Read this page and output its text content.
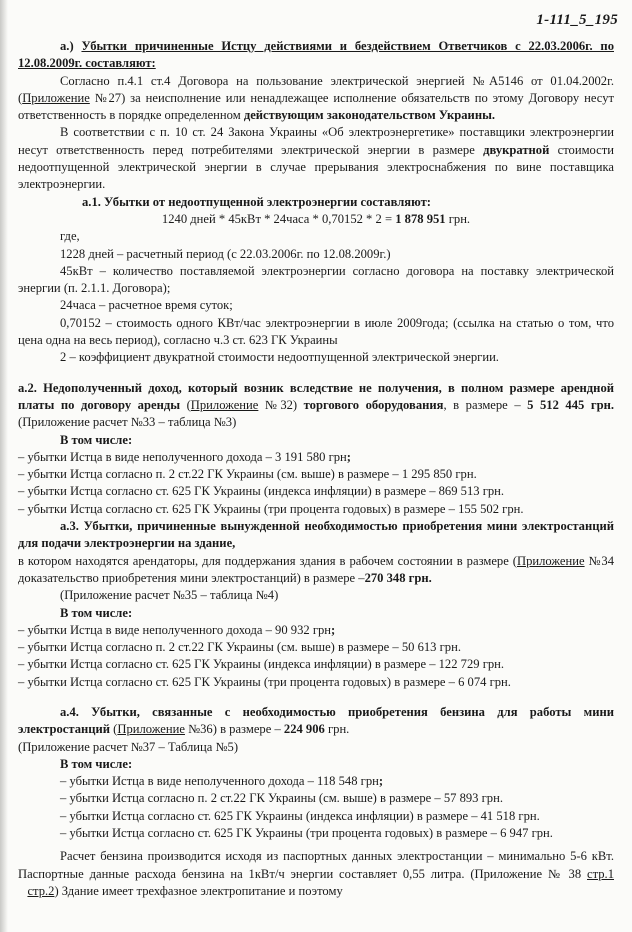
1-111_5_195

а.) Убытки причиненные Истцу действиями и бездействием Ответчиков с 22.03.2006г. по 12.08.2009г. составляют:

Согласно п.4.1 ст.4 Договора на пользование электрической энергией №А5146 от 01.04.2002г. (Приложение №27) за неисполнение или ненадлежащее исполнение обязательств по этому Договору несут ответственность в порядке определенном действующим законодательством Украины.

В соответствии с п. 10 ст. 24 Закона Украины «Об электроэнергетике» поставщики электроэнергии несут ответственность перед потребителями электрической энергии в размере двукратной стоимости недоотпущенной электрической энергии в случае прерывания электроснабжения по вине поставщика электроэнергии.

а.1. Убытки от недоотпущенной электроэнергии составляют:

1240 дней * 45кВт * 24часа * 0,70152 * 2 = 1 878 951 грн.

где,

1228 дней – расчетный период (с 22.03.2006г. по 12.08.2009г.)

45кВт – количество поставляемой электроэнергии согласно договора на поставку электрической энергии (п. 2.1.1. Договора);

24часа – расчетное время суток;

0,70152 – стоимость одного КВт/час электроэнергии в июле 2009года; (ссылка на статью о том, что цена одна на весь период), согласно ч.3 ст. 623 ГК Украины

2 – коэффициент двукратной стоимости недоотпущенной электрической энергии.

а.2. Недополученный доход, который возник вследствие не получения, в полном размере арендной платы по договору аренды (Приложение №32) торгового оборудования, в размере – 5 512 445 грн. (Приложение расчет №33 – таблица №3)

В том числе:

– убытки Истца в виде неполученного дохода – 3 191 580 грн;

– убытки Истца согласно п. 2 ст.22 ГК Украины (см. выше) в размере – 1 295 850 грн.

– убытки Истца согласно ст. 625 ГК Украины (индекса инфляции) в размере – 869 513 грн.

– убытки Истца согласно ст. 625 ГК Украины (три процента годовых) в размере – 155 502 грн.

а.3. Убытки, причиненные вынужденной необходимостью приобретения мини электростанций для подачи электроэнергии на здание,

в котором находятся арендаторы, для поддержания здания в рабочем состоянии в размере (Приложение №34 доказательство приобретения мини электростанций) в размере –270 348 грн.

(Приложение расчет №35 – таблица №4)

В том числе:

– убытки Истца в виде неполученного дохода – 90 932 грн;

– убытки Истца согласно п. 2 ст.22 ГК Украины (см. выше) в размере – 50 613 грн.

– убытки Истца согласно ст. 625 ГК Украины (индекса инфляции) в размере – 122 729 грн.

– убытки Истца согласно ст. 625 ГК Украины (три процента годовых) в размере – 6 074 грн.

а.4. Убытки, связанные с необходимостью приобретения бензина для работы мини электростанций (Приложение №36) в размере – 224 906 грн.

(Приложение расчет №37 – Таблица №5)

В том числе:

– убытки Истца в виде неполученного дохода – 118 548 грн;

– убытки Истца согласно п. 2 ст.22 ГК Украины (см. выше) в размере – 57 893 грн.

– убытки Истца согласно ст. 625 ГК Украины (индекса инфляции) в размере – 41 518 грн.

– убытки Истца согласно ст. 625 ГК Украины (три процента годовых) в размере – 6 947 грн.

Расчет бензина производится исходя из паспортных данных электростанции – минимально 5-6 кВт. Паспортные данные расхода бензина на 1кВт/ч энергии составляет 0,55 литра. (Приложение № 38 стр.1   стр.2) Здание имеет трехфазное электропитание и поэтому
